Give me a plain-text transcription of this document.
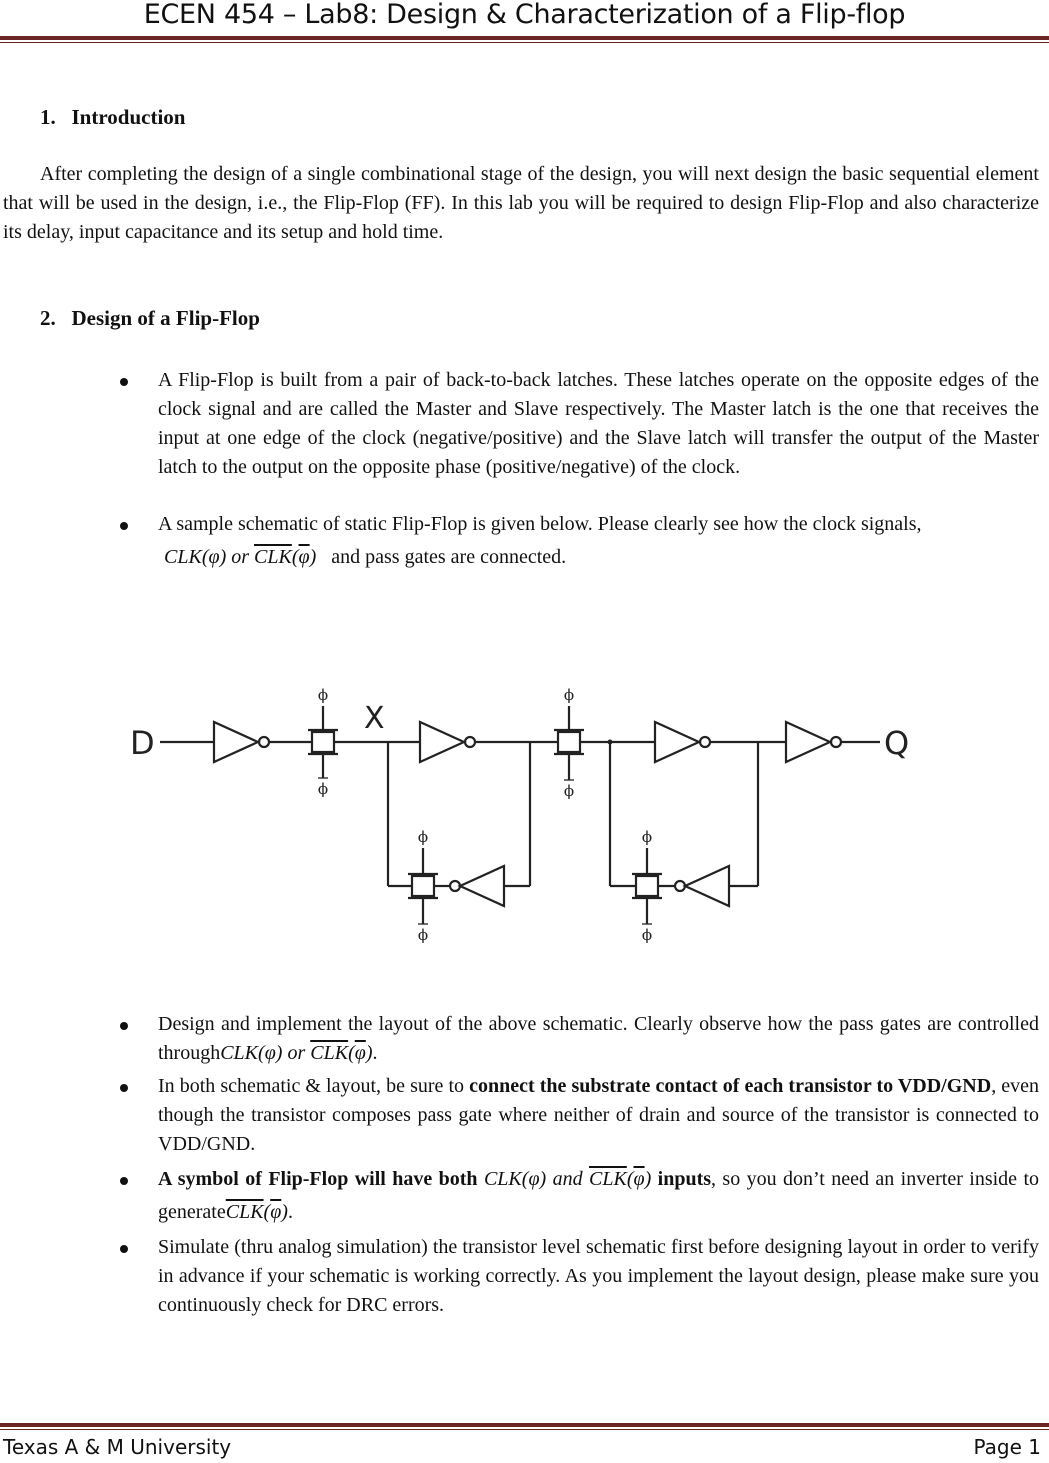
ECEN 454 – Lab8: Design & Characterization of a Flip-flop
1.   Introduction
After completing the design of a single combinational stage of the design, you will next design the basic sequential element that will be used in the design, i.e., the Flip-Flop (FF). In this lab you will be required to design Flip-Flop and also characterize its delay, input capacitance and its setup and hold time.
2.   Design of a Flip-Flop
A Flip-Flop is built from a pair of back-to-back latches. These latches operate on the opposite edges of the clock signal and are called the Master and Slave respectively. The Master latch is the one that receives the input at one edge of the clock (negative/positive) and the Slave latch will transfer the output of the Master latch to the output on the opposite phase (positive/negative) of the clock.
A sample schematic of static Flip-Flop is given below. Please clearly see how the clock signals,
CLK(φ) or $\overline{CLK}(\overline{\varphi})$   and pass gates are connected.
D
X
Q
ϕ
ϕ
ϕ
ϕ
ϕ
ϕ
ϕ
ϕ
Design and implement the layout of the above schematic. Clearly observe how the pass gates are controlled throughCLK(φ) or $\overline{CLK}(\overline{\varphi})$.
In both schematic & layout, be sure to connect the substrate contact of each transistor to VDD/GND, even though the transistor composes pass gate where neither of drain and source of the transistor is connected to VDD/GND.
A symbol of Flip-Flop will have both CLK(φ) and $\overline{CLK}(\overline{\varphi})$ inputs, so you don’t need an inverter inside to $generate\overline{CLK}(\overline{\varphi})$.
Simulate (thru analog simulation) the transistor level schematic first before designing layout in order to verify in advance if your schematic is working correctly. As you implement the layout design, please make sure you continuously check for DRC errors.
Texas A & M University	Page 1
